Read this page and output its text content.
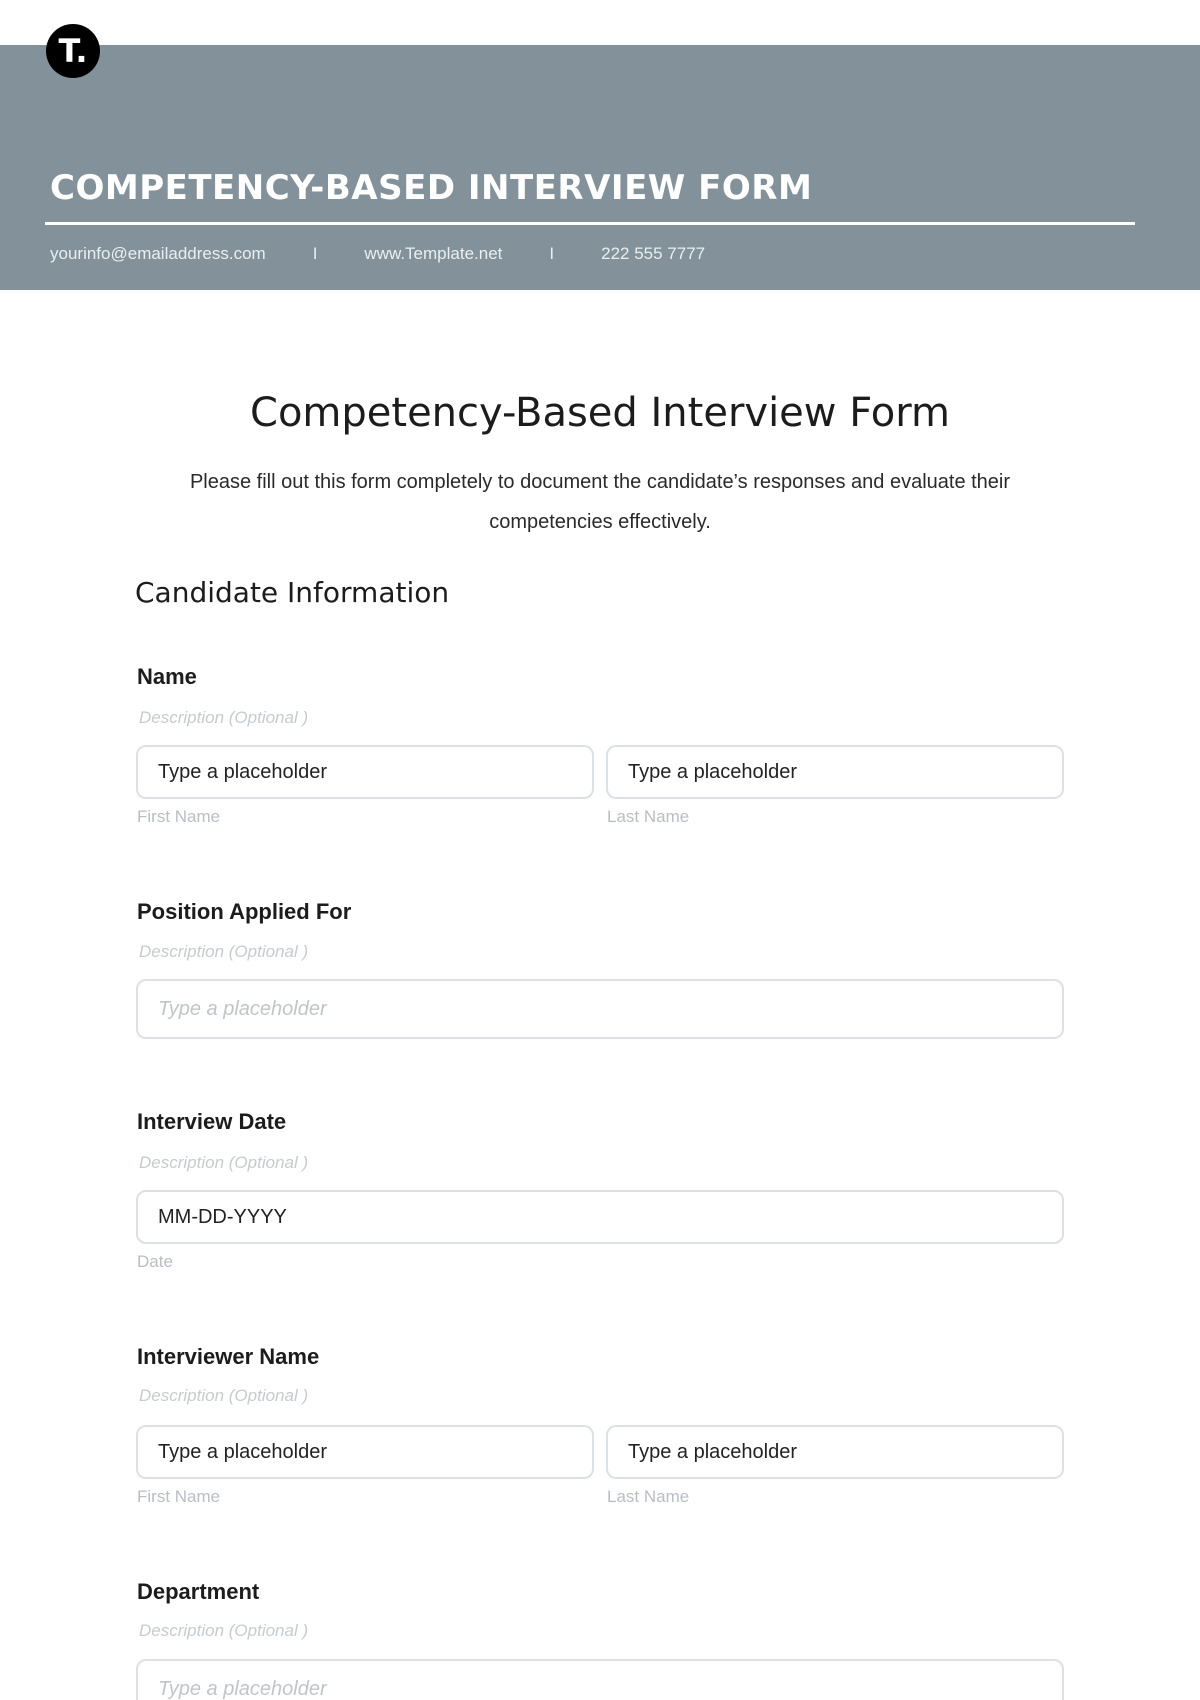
T.
COMPETENCY-BASED INTERVIEW FORM
yourinfo@emailaddress.com	I	www.Template.net	I	222 555 7777
Competency-Based Interview Form
Please fill out this form completely to document the candidate’s responses and evaluate their competencies effectively.
Candidate Information
Name
Description (Optional )
Type a placeholder	Type a placeholder
First Name	Last Name
Position Applied For
Description (Optional )
Type a placeholder
Interview Date
Description (Optional )
MM-DD-YYYY
Date
Interviewer Name
Description (Optional )
Type a placeholder	Type a placeholder
First Name	Last Name
Department
Description (Optional )
Type a placeholder
